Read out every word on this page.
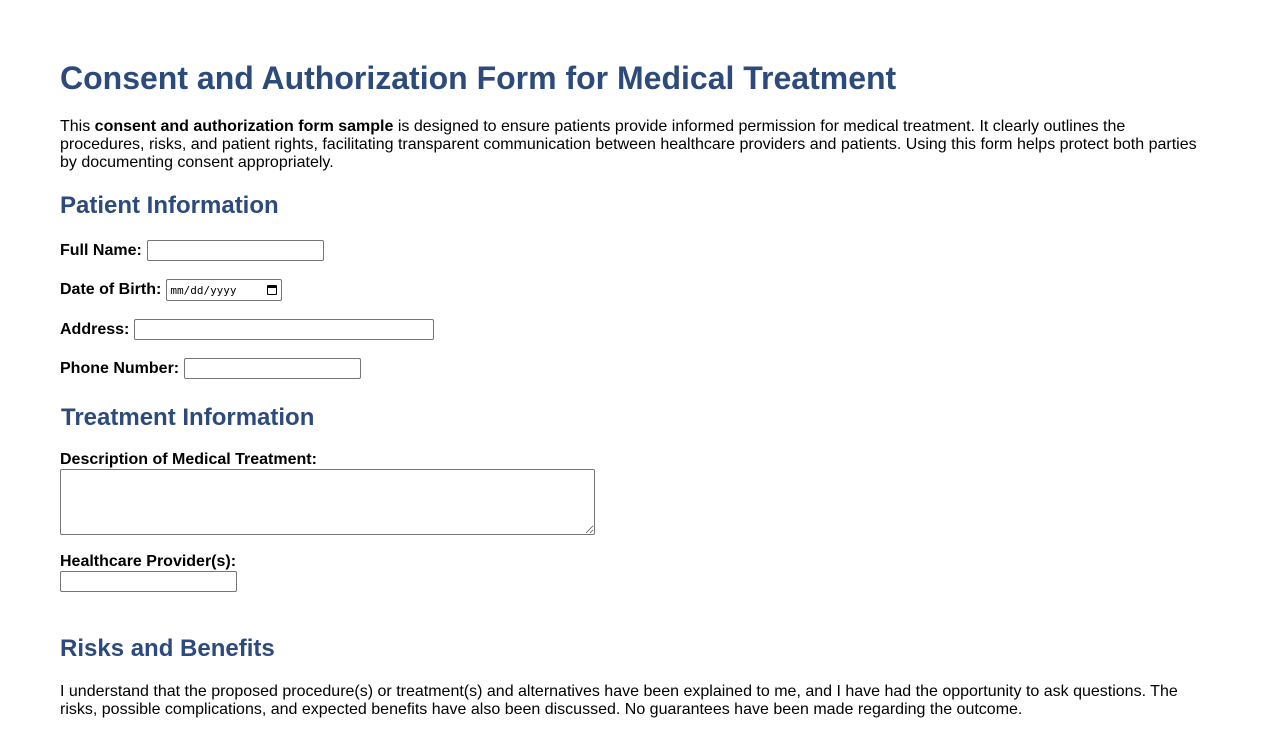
Consent and Authorization Form for Medical Treatment

This consent and authorization form sample is designed to ensure patients provide informed permission for medical treatment. It clearly outlines the procedures, risks, and patient rights, facilitating transparent communication between healthcare providers and patients. Using this form helps protect both parties by documenting consent appropriately.

Patient Information
Full Name:
Date of Birth: mm/dd/yyyy
Address:
Phone Number:
Treatment Information
Description of Medical Treatment:
Healthcare Provider(s):
Risks and Benefits

I understand that the proposed procedure(s) or treatment(s) and alternatives have been explained to me, and I have had the opportunity to ask questions. The risks, possible complications, and expected benefits have also been discussed. No guarantees have been made regarding the outcome.
